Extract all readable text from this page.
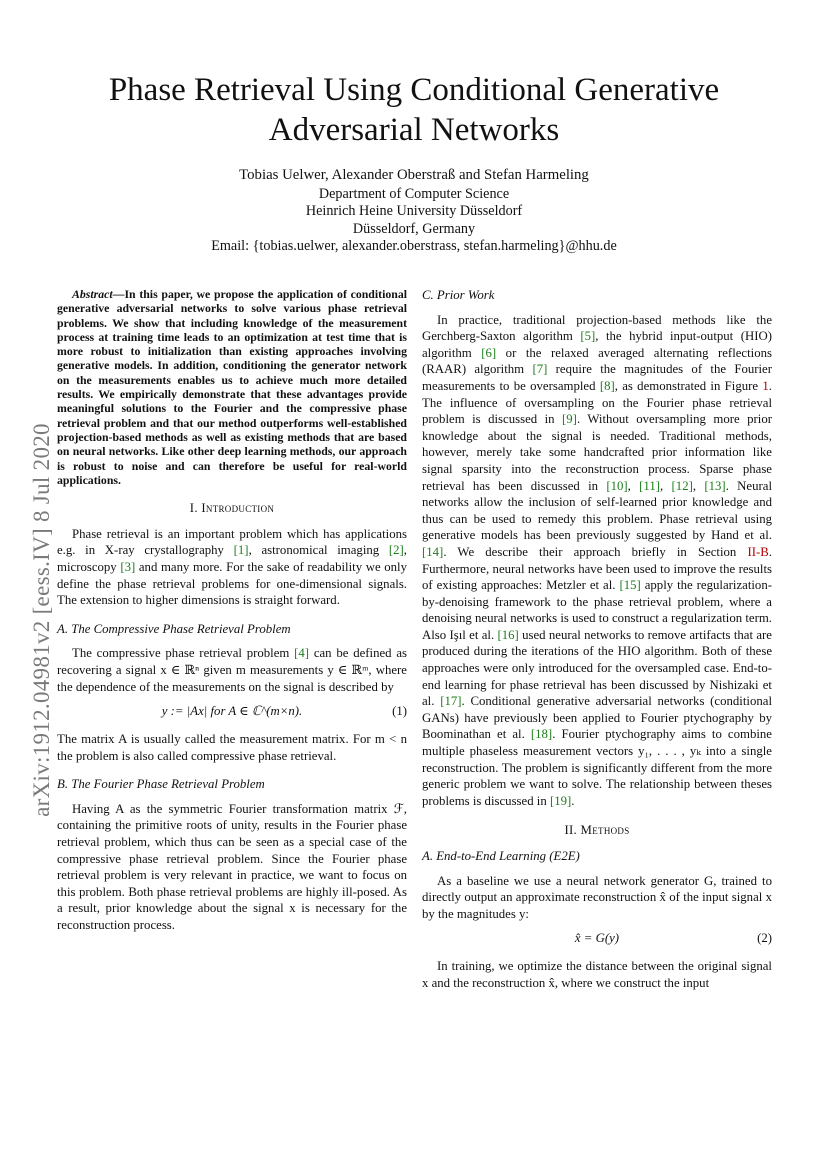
arXiv:1912.04981v2 [eess.IV] 8 Jul 2020
Phase Retrieval Using Conditional Generative
Adversarial Networks
Tobias Uelwer, Alexander Oberstraß and Stefan Harmeling
Department of Computer Science
Heinrich Heine University Düsseldorf
Düsseldorf, Germany
Email: {tobias.uelwer, alexander.oberstrass, stefan.harmeling}@hhu.de

Abstract—In this paper, we propose the application of conditional generative adversarial networks to solve various phase retrieval problems. We show that including knowledge of the measurement process at training time leads to an optimization at test time that is more robust to initialization than existing approaches involving generative models. In addition, conditioning the generator network on the measurements enables us to achieve much more detailed results. We empirically demonstrate that these advantages provide meaningful solutions to the Fourier and the compressive phase retrieval problem and that our method outperforms well-established projection-based methods as well as existing methods that are based on neural networks. Like other deep learning methods, our approach is robust to noise and can therefore be useful for real-world applications.

I. Introduction

Phase retrieval is an important problem which has applications e.g. in X-ray crystallography [1], astronomical imaging [2], microscopy [3] and many more. For the sake of readability we only define the phase retrieval problems for one-dimensional signals. The extension to higher dimensions is straight forward.

A. The Compressive Phase Retrieval Problem

The compressive phase retrieval problem [4] can be defined as recovering a signal x ∈ ℝⁿ given m measurements y ∈ ℝᵐ, where the dependence of the measurements on the signal is described by

y := |Ax| for A ∈ ℂ^(m×n).	(1)

The matrix A is usually called the measurement matrix. For m < n the problem is also called compressive phase retrieval.

B. The Fourier Phase Retrieval Problem

Having A as the symmetric Fourier transformation matrix ℱ, containing the primitive roots of unity, results in the Fourier phase retrieval problem, which thus can be seen as a special case of the compressive phase retrieval problem. Since the Fourier phase retrieval problem is very relevant in practice, we want to focus on this problem. Both phase retrieval problems are highly ill-posed. As a result, prior knowledge about the signal x is necessary for the reconstruction process.

C. Prior Work

In practice, traditional projection-based methods like the Gerchberg-Saxton algorithm [5], the hybrid input-output (HIO) algorithm [6] or the relaxed averaged alternating reflections (RAAR) algorithm [7] require the magnitudes of the Fourier measurements to be oversampled [8], as demonstrated in Figure 1. The influence of oversampling on the Fourier phase retrieval problem is discussed in [9]. Without oversampling more prior knowledge about the signal is needed. Traditional methods, however, merely take some handcrafted prior information like signal sparsity into the reconstruction process. Sparse phase retrieval has been discussed in [10], [11], [12], [13]. Neural networks allow the inclusion of self-learned prior knowledge and thus can be used to remedy this problem. Phase retrieval using generative models has been previously suggested by Hand et al. [14]. We describe their approach briefly in Section II-B. Furthermore, neural networks have been used to improve the results of existing approaches: Metzler et al. [15] apply the regularization-by-denoising framework to the phase retrieval problem, where a denoising neural networks is used to construct a regularization term. Also Işıl et al. [16] used neural networks to remove artifacts that are produced during the iterations of the HIO algorithm. Both of these approaches were only introduced for the oversampled case. End-to-end learning for phase retrieval has been discussed by Nishizaki et al. [17]. Conditional generative adversarial networks (conditional GANs) have previously been applied to Fourier ptychography by Boominathan et al. [18]. Fourier ptychography aims to combine multiple phaseless measurement vectors y₁, . . . , yₖ into a single reconstruction. The problem is significantly different from the more generic problem we want to solve. The relationship between theses problems is discussed in [19].

II. Methods
A. End-to-End Learning (E2E)

As a baseline we use a neural network generator G, trained to directly output an approximate reconstruction x̂ of the input signal x by the magnitudes y:

x̂ = G(y)	(2)

In training, we optimize the distance between the original signal x and the reconstruction x̂, where we construct the input
